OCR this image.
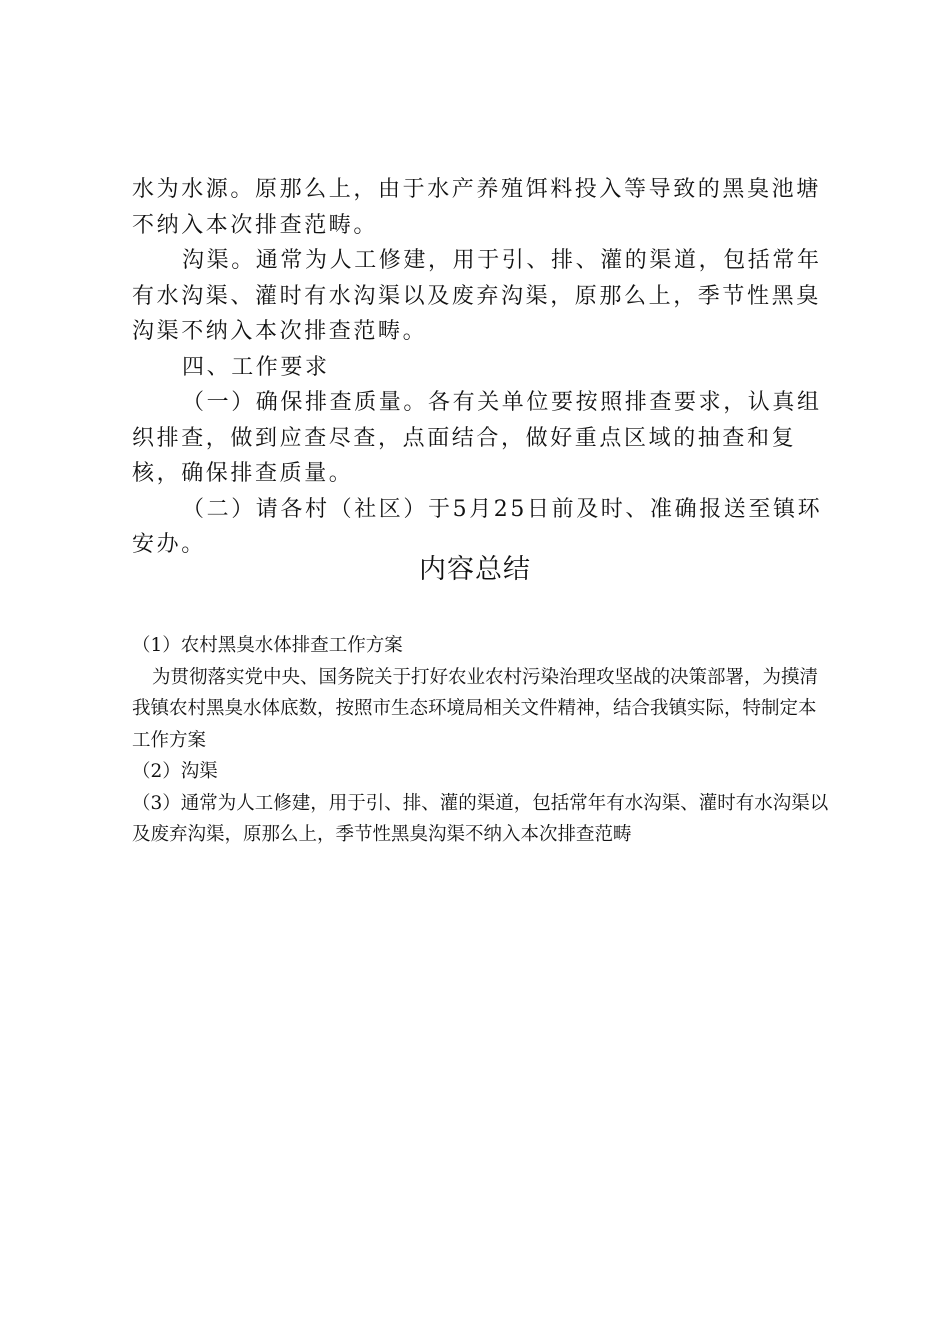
水为水源。原那么上，由于水产养殖饵料投入等导致的黑臭池塘不纳入本次排查范畴。

沟渠。通常为人工修建，用于引、排、灌的渠道，包括常年有水沟渠、灌时有水沟渠以及废弃沟渠，原那么上，季节性黑臭沟渠不纳入本次排查范畴。

四、工作要求

（一）确保排查质量。各有关单位要按照排查要求，认真组织排查，做到应查尽查，点面结合，做好重点区域的抽查和复核，确保排查质量。

（二）请各村（社区）于5月25日前及时、准确报送至镇环安办。

内容总结

（1）农村黑臭水体排查工作方案

为贯彻落实党中央、国务院关于打好农业农村污染治理攻坚战的决策部署，为摸清我镇农村黑臭水体底数，按照市生态环境局相关文件精神，结合我镇实际，特制定本工作方案

（2）沟渠

（3）通常为人工修建，用于引、排、灌的渠道，包括常年有水沟渠、灌时有水沟渠以及废弃沟渠，原那么上，季节性黑臭沟渠不纳入本次排查范畴
